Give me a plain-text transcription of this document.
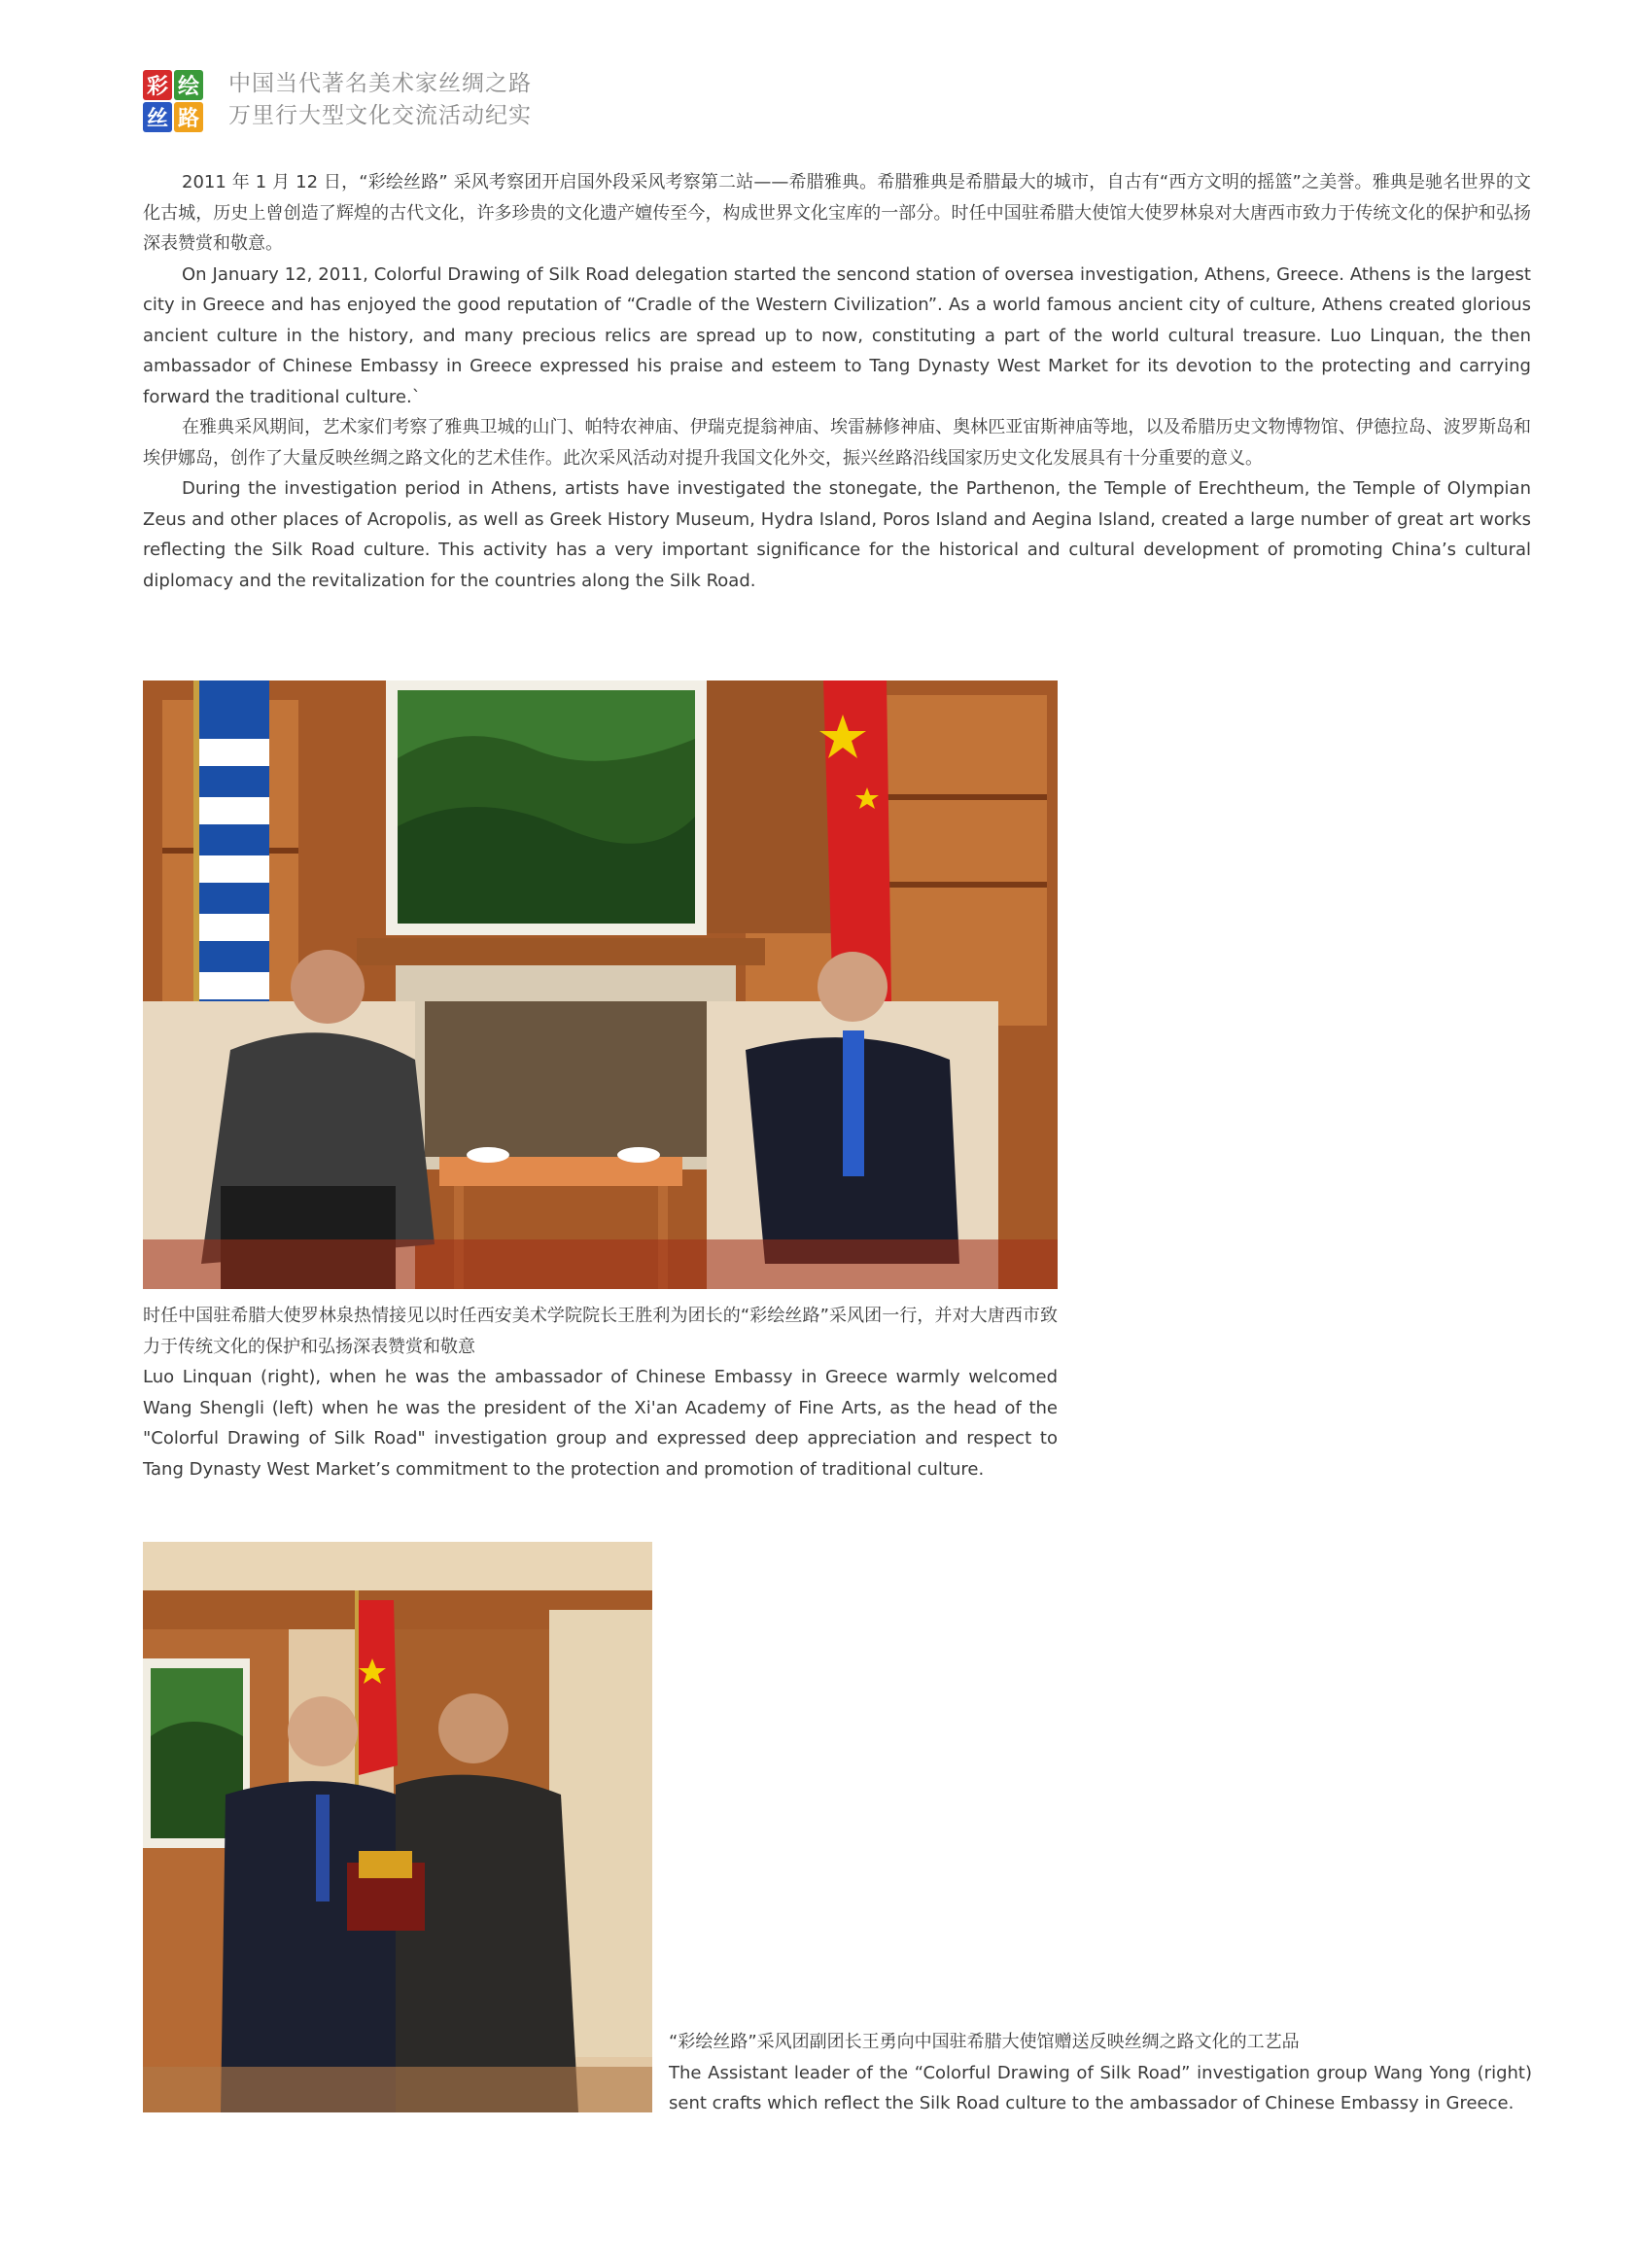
彩 绘
丝 路
中国当代著名美术家丝绸之路
万里行大型文化交流活动纪实

2011 年 1 月 12 日，“彩绘丝路” 采风考察团开启国外段采风考察第二站——希腊雅典。希腊雅典是希腊最大的城市，自古有“西方文明的摇篮”之美誉。雅典是驰名世界的文化古城，历史上曾创造了辉煌的古代文化，许多珍贵的文化遗产嬗传至今，构成世界文化宝库的一部分。时任中国驻希腊大使馆大使罗林泉对大唐西市致力于传统文化的保护和弘扬深表赞赏和敬意。

On January 12, 2011, Colorful Drawing of Silk Road delegation started the sencond station of oversea investigation, Athens, Greece. Athens is the largest city in Greece and has enjoyed the good reputation of “Cradle of the Western Civilization”. As a world famous ancient city of culture, Athens created glorious ancient culture in the history, and many precious relics are spread up to now, constituting a part of the world cultural treasure. Luo Linquan, the then ambassador of Chinese Embassy in Greece expressed his praise and esteem to Tang Dynasty West Market for its devotion to the protecting and carrying forward the traditional culture.`

在雅典采风期间，艺术家们考察了雅典卫城的山门、帕特农神庙、伊瑞克提翁神庙、埃雷赫修神庙、奥林匹亚宙斯神庙等地，以及希腊历史文物博物馆、伊德拉岛、波罗斯岛和埃伊娜岛，创作了大量反映丝绸之路文化的艺术佳作。此次采风活动对提升我国文化外交，振兴丝路沿线国家历史文化发展具有十分重要的意义。

During the investigation period in Athens, artists have investigated the stonegate, the Parthenon, the Temple of Erechtheum, the Temple of Olympian Zeus and other places of Acropolis, as well as Greek History Museum, Hydra Island, Poros Island and Aegina Island, created a large number of great art works reflecting the Silk Road culture. This activity has a very important significance for the historical and cultural development of promoting China’s cultural diplomacy and the revitalization for the countries along the Silk Road.

时任中国驻希腊大使罗林泉热情接见以时任西安美术学院院长王胜利为团长的“彩绘丝路”采风团一行，并对大唐西市致力于传统文化的保护和弘扬深表赞赏和敬意

Luo Linquan (right), when he was the ambassador of Chinese Embassy in Greece warmly welcomed Wang Shengli (left) when he was the president of the Xi'an Academy of Fine Arts, as the head of the "Colorful Drawing of Silk Road" investigation group and expressed deep appreciation and respect to Tang Dynasty West Market’s commitment to the protection and promotion of traditional culture.

“彩绘丝路”采风团副团长王勇向中国驻希腊大使馆赠送反映丝绸之路文化的工艺品

The Assistant leader of the “Colorful Drawing of Silk Road” investigation group Wang Yong (right) sent crafts which reflect the Silk Road culture to the ambassador of Chinese Embassy in Greece.
